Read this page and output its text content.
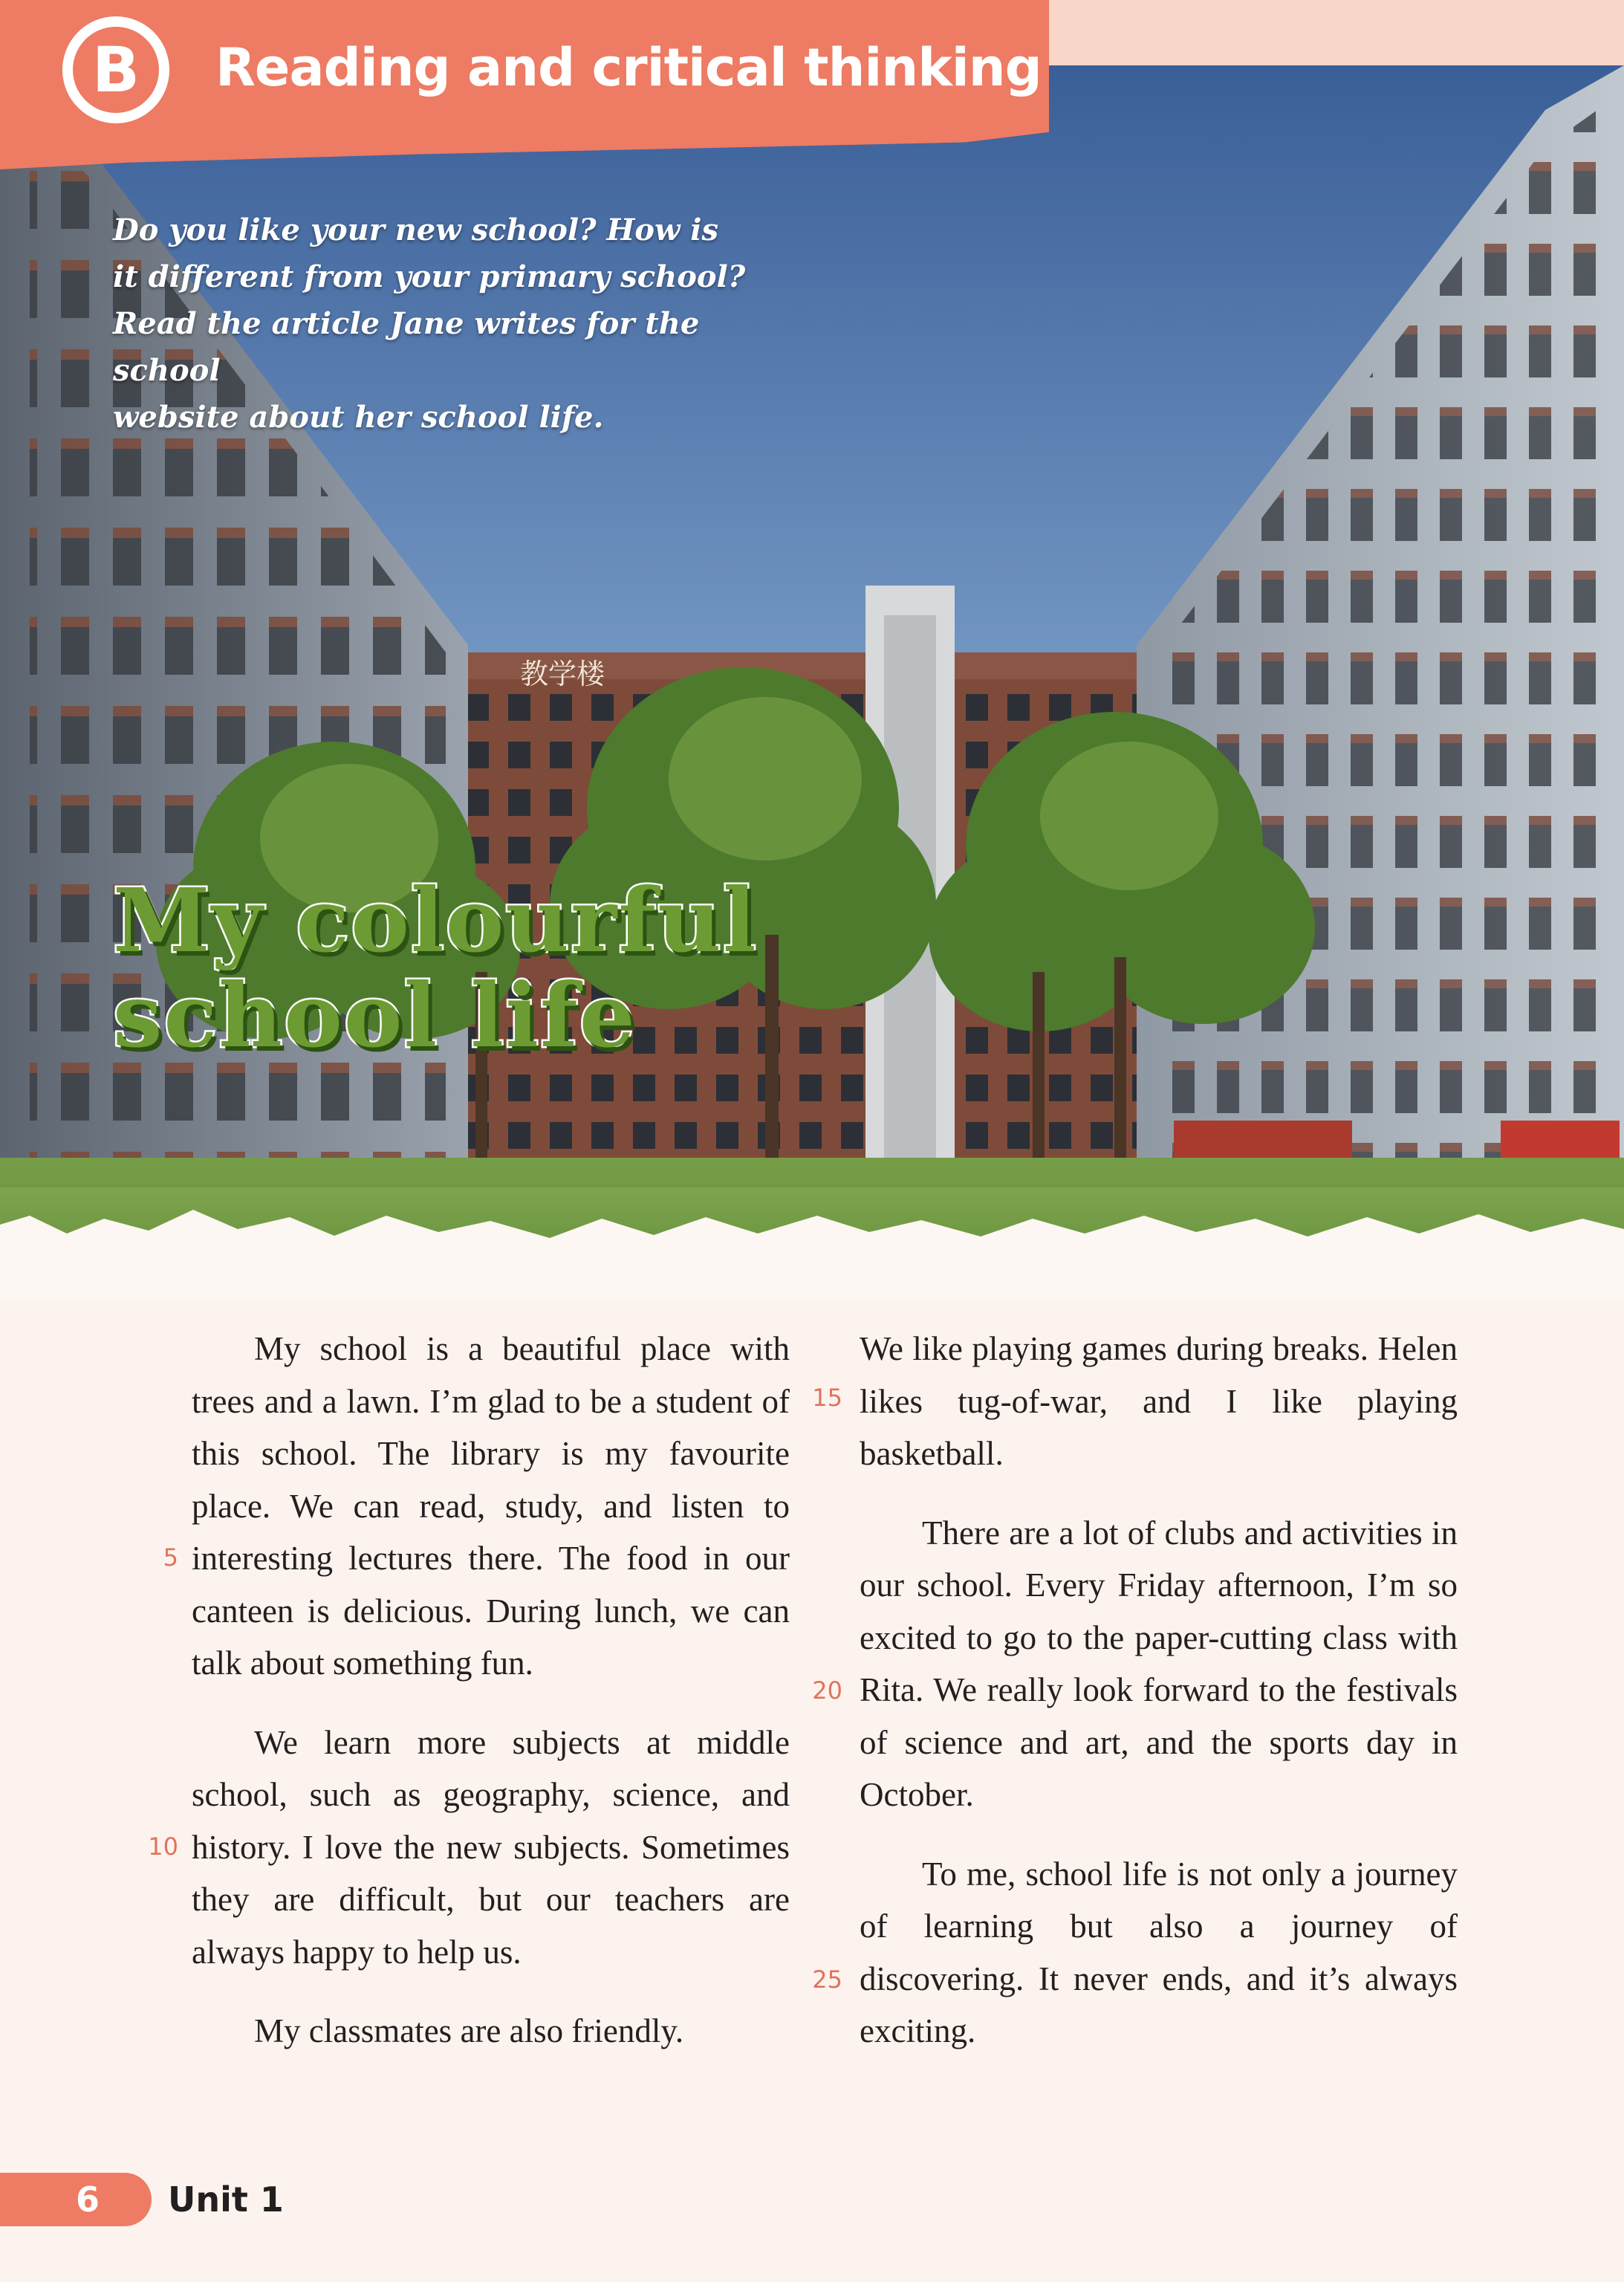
B	Reading and critical thinking
教学楼
Do you like your new school? How is
it different from your primary school?
Read the article Jane writes for the school
website about her school life.
My colourful
school life

My school is a beautiful place with trees and a lawn. I’m glad to be a student of this school. The library is my favourite place. We can read, study, and listen to interesting lectures there. The food in our canteen is delicious. During lunch, we can talk about something fun.

We learn more subjects at middle school, such as geography, science, and history. I love the new subjects. Sometimes they are difficult, but our teachers are always happy to help us.

My classmates are also friendly.

We like playing games during breaks. Helen likes tug-of-war, and I like playing basketball.

There are a lot of clubs and activities in our school. Every Friday afternoon, I’m so excited to go to the paper-cutting class with Rita. We really look forward to the festivals of science and art, and the sports day in October.

To me, school life is not only a journey of learning but also a journey of discovering. It never ends, and it’s always exciting.

5
10
15
20
25
6 Unit 1
